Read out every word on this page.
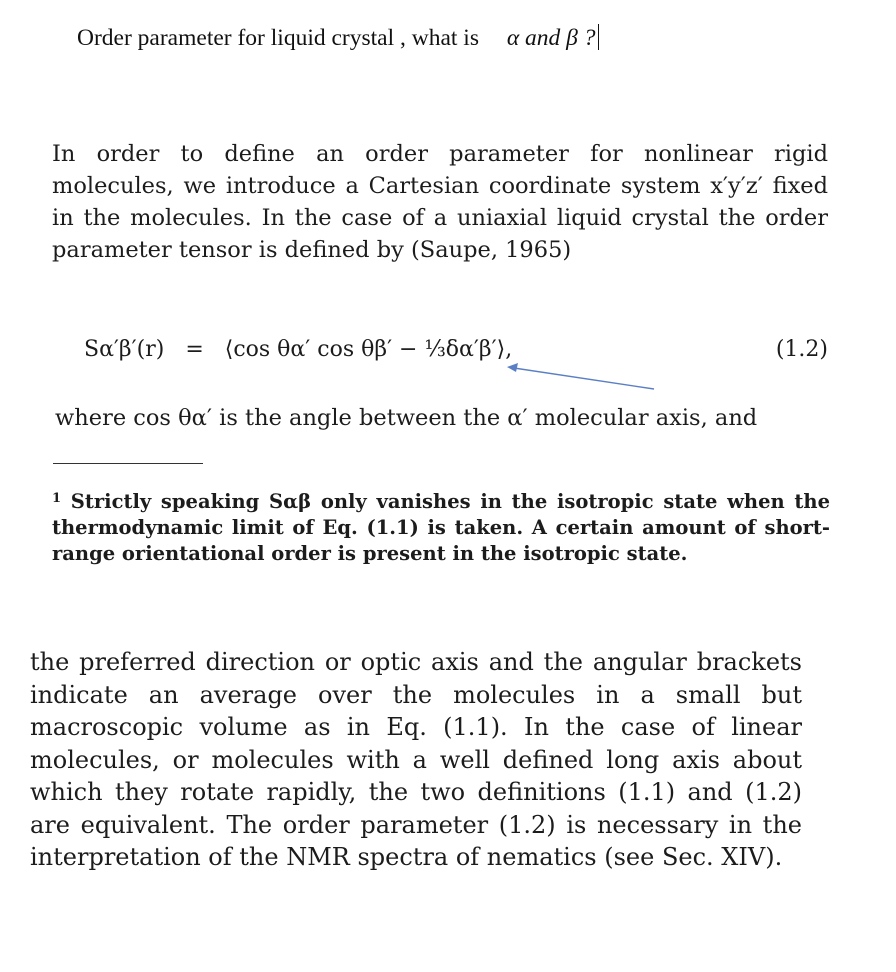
Order parameter for liquid crystal , what is α and β ?
In order to define an order parameter for nonlinear rigid molecules, we introduce a Cartesian coordinate system x′y′z′ fixed in the molecules. In the case of a uniaxial liquid crystal the order parameter tensor is defined by (Saupe, 1965)
Sα′β′(r) = ⟨cos θα′ cos θβ′ − ⅓δα′β′⟩,	(1.2)
where cos θα′ is the angle between the α′ molecular axis, and
$^1$ Strictly speaking Sαβ only vanishes in the isotropic state when the thermodynamic limit of Eq. (1.1) is taken. A certain amount of short-range orientational order is present in the isotropic state.
the preferred direction or optic axis and the angular brackets indicate an average over the molecules in a small but macroscopic volume as in Eq. (1.1). In the case of linear molecules, or molecules with a well defined long axis about which they rotate rapidly, the two definitions (1.1) and (1.2) are equivalent. The order parameter (1.2) is necessary in the interpretation of the NMR spectra of nematics (see Sec. XIV).
